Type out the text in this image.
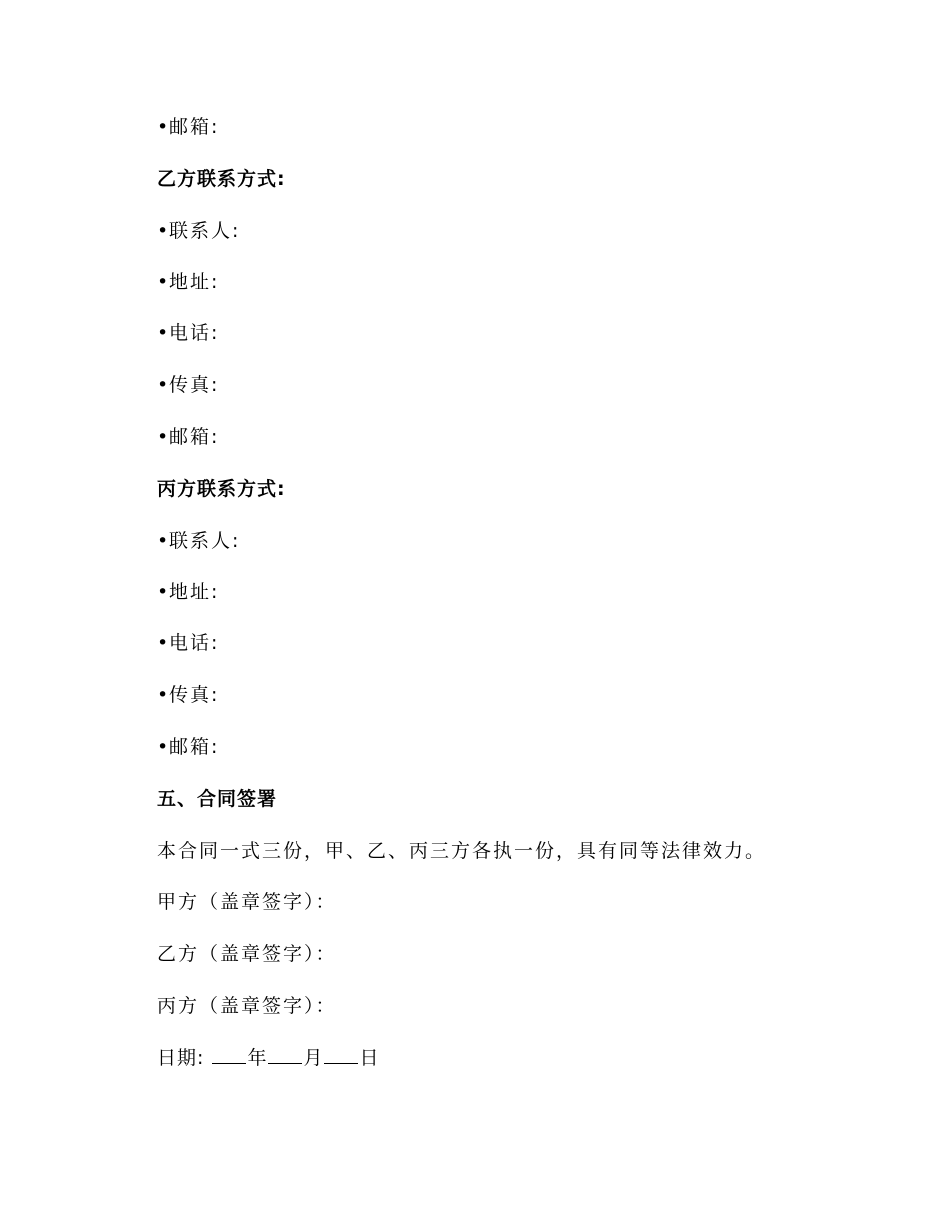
•邮箱:
乙方联系方式:
•联系人:
•地址:
•电话:
•传真:
•邮箱:
丙方联系方式:
•联系人:
•地址:
•电话:
•传真:
•邮箱:
五、合同签署
本合同一式三份，甲、乙、丙三方各执一份，具有同等法律效力。
甲方（盖章签字）：
乙方（盖章签字）：
丙方（盖章签字）：
日期: 年 月 日
